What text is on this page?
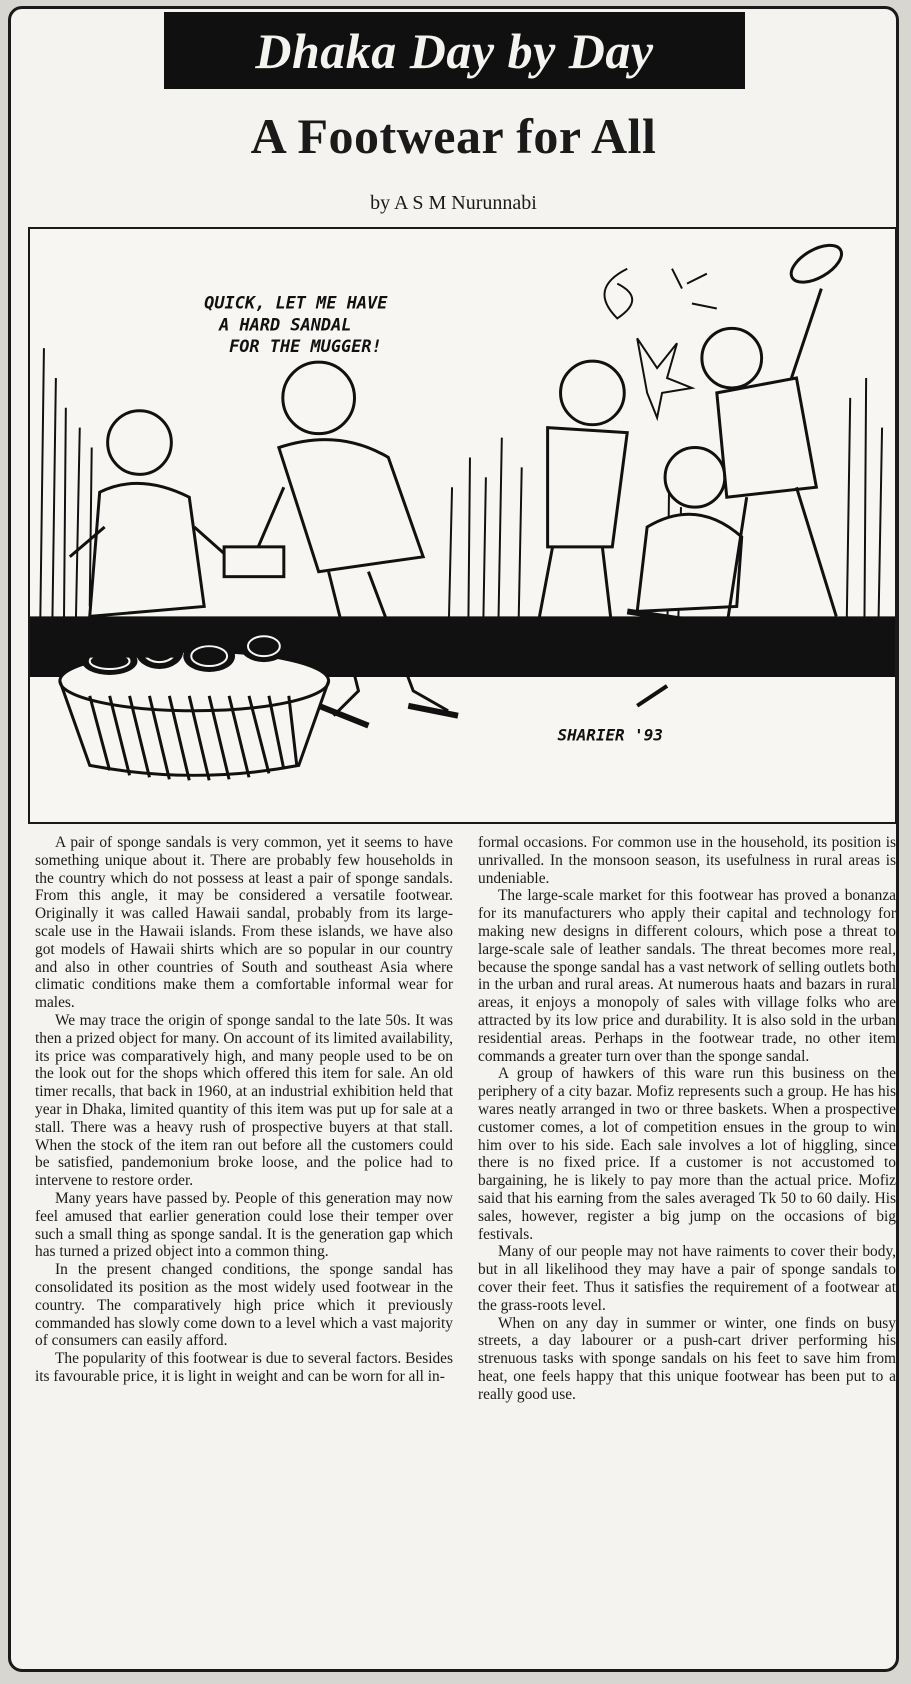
Dhaka Day by Day
A Footwear for All
by A S M Nurunnabi
QUICK, LET ME HAVE
A HARD SANDAL
FOR THE MUGGER!
SHARIER '93

A pair of sponge sandals is very common, yet it seems to have something unique about it. There are probably few households in the country which do not possess at least a pair of sponge sandals. From this angle, it may be considered a versatile footwear. Originally it was called Hawaii sandal, probably from its large-scale use in the Hawaii islands. From these islands, we have also got models of Hawaii shirts which are so popular in our country and also in other countries of South and southeast Asia where climatic conditions make them a comfortable informal wear for males.

We may trace the origin of sponge sandal to the late 50s. It was then a prized object for many. On account of its limited availability, its price was comparatively high, and many people used to be on the look out for the shops which offered this item for sale. An old timer recalls, that back in 1960, at an industrial exhibition held that year in Dhaka, limited quantity of this item was put up for sale at a stall. There was a heavy rush of prospective buyers at that stall. When the stock of the item ran out before all the customers could be satisfied, pandemonium broke loose, and the police had to intervene to restore order.

Many years have passed by. People of this generation may now feel amused that earlier generation could lose their temper over such a small thing as sponge sandal. It is the generation gap which has turned a prized object into a common thing.

In the present changed conditions, the sponge sandal has consolidated its position as the most widely used footwear in the country. The comparatively high price which it previously commanded has slowly come down to a level which a vast majority of consumers can easily afford.

The popularity of this footwear is due to several factors. Besides its favourable price, it is light in weight and can be worn for all in-

formal occasions. For common use in the household, its position is unrivalled. In the monsoon season, its usefulness in rural areas is undeniable.

The large-scale market for this footwear has proved a bonanza for its manufacturers who apply their capital and technology for making new designs in different colours, which pose a threat to large-scale sale of leather sandals. The threat becomes more real, because the sponge sandal has a vast network of selling outlets both in the urban and rural areas. At numerous haats and bazars in rural areas, it enjoys a monopoly of sales with village folks who are attracted by its low price and durability. It is also sold in the urban residential areas. Perhaps in the footwear trade, no other item commands a greater turn over than the sponge sandal.

A group of hawkers of this ware run this business on the periphery of a city bazar. Mofiz represents such a group. He has his wares neatly arranged in two or three baskets. When a prospective customer comes, a lot of competition ensues in the group to win him over to his side. Each sale involves a lot of higgling, since there is no fixed price. If a customer is not accustomed to bargaining, he is likely to pay more than the actual price. Mofiz said that his earning from the sales averaged Tk 50 to 60 daily. His sales, however, register a big jump on the occasions of big festivals.

Many of our people may not have raiments to cover their body, but in all likelihood they may have a pair of sponge sandals to cover their feet. Thus it satisfies the requirement of a footwear at the grass-roots level.

When on any day in summer or winter, one finds on busy streets, a day labourer or a push-cart driver performing his strenuous tasks with sponge sandals on his feet to save him from heat, one feels happy that this unique footwear has been put to a really good use.
